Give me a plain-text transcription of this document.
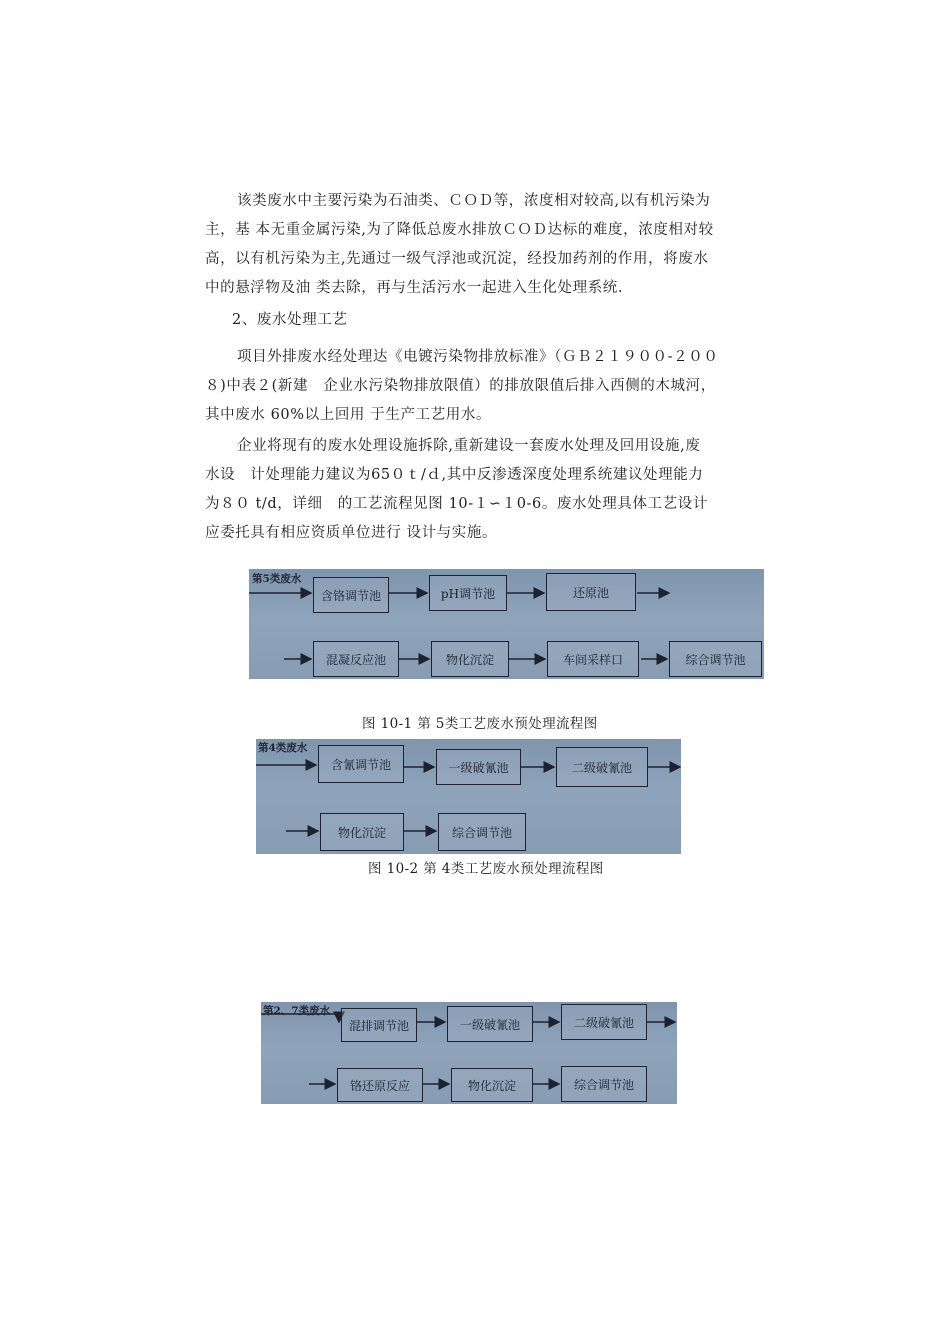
该类废水中主要污染为石油类、ＣＯＤ等，浓度相对较高,以有机污染为
主，基 本无重金属污染,为了降低总废水排放ＣＯＤ达标的难度，浓度相对较
高，以有机污染为主,先通过一级气浮池或沉淀，经投加药剂的作用，将废水
中的悬浮物及油 类去除，再与生活污水一起进入生化处理系统.

2、废水处理工艺

项目外排废水经处理达《电镀污染物排放标准》（ＧＢ２１９００-２００
８)中表２(新建　企业水污染物排放限值）的排放限值后排入西侧的木城河，
其中废水 60%以上回用 于生产工艺用水。

企业将现有的废水处理设施拆除,重新建设一套废水处理及回用设施,废
水设　计处理能力建议为65０ｔ/ｄ,其中反渗透深度处理系统建议处理能力
为８０ t/d，详细　的工艺流程见图 10-１∽１0-6。废水处理具体工艺设计
应委托具有相应资质单位进行 设计与实施。

第5类废水
含铬调节池	pH调节池	还原池
混凝反应池	物化沉淀	车间采样口	综合调节池
图 10-1 第 5类工艺废水预处理流程图
第4类废水
含氰调节池	一级破氰池	二级破氰池
物化沉淀	综合调节池
图 10-2 第 4类工艺废水预处理流程图
第2、7类废水
混排调节池	一级破氰池	二级破氰池
铬还原反应	物化沉淀	综合调节池
